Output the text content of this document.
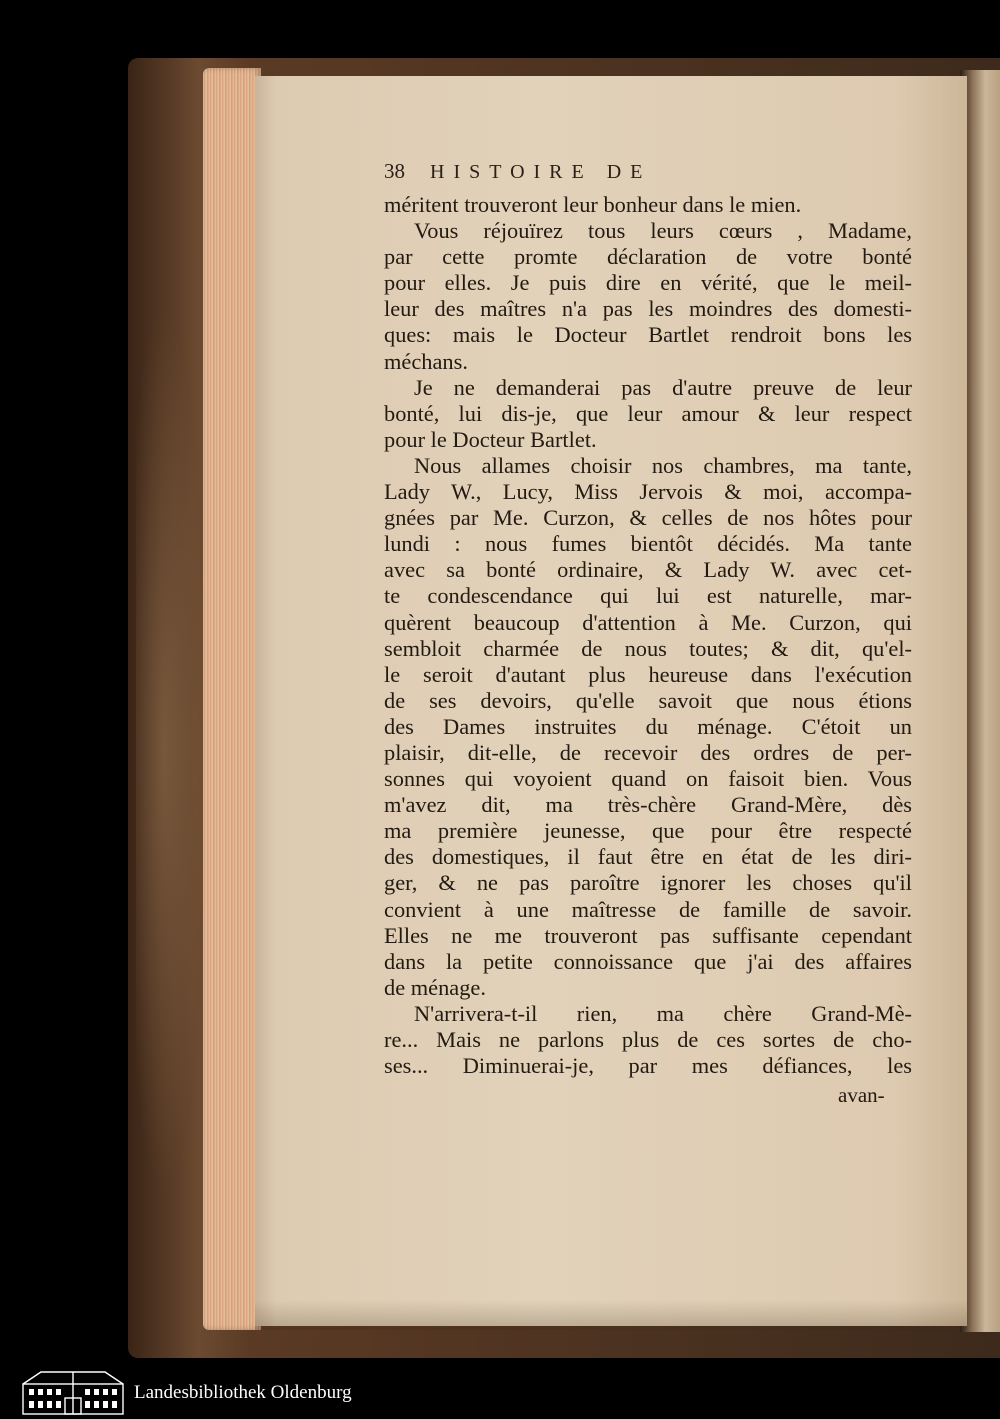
38	HISTOIRE DE
méritent trouveront leur bonheur dans le mien.
Vous réjouïrez tous leurs cœurs , Madame,
par cette promte déclaration de votre bonté
pour elles. Je puis dire en vérité, que le meil-
leur des maîtres n'a pas les moindres des domesti-
ques: mais le Docteur Bartlet rendroit bons les
méchans.
Je ne demanderai pas d'autre preuve de leur
bonté, lui dis-je, que leur amour & leur respect
pour le Docteur Bartlet.
Nous allames choisir nos chambres, ma tante,
Lady W., Lucy, Miss Jervois & moi, accompa-
gnées par Me. Curzon, & celles de nos hôtes pour
lundi : nous fumes bientôt décidés. Ma tante
avec sa bonté ordinaire, & Lady W. avec cet-
te condescendance qui lui est naturelle, mar-
quèrent beaucoup d'attention à Me. Curzon, qui
sembloit charmée de nous toutes; & dit, qu'el-
le seroit d'autant plus heureuse dans l'exécution
de ses devoirs, qu'elle savoit que nous étions
des Dames instruites du ménage. C'étoit un
plaisir, dit-elle, de recevoir des ordres de per-
sonnes qui voyoient quand on faisoit bien. Vous
m'avez dit, ma très-chère Grand-Mère, dès
ma première jeunesse, que pour être respecté
des domestiques, il faut être en état de les diri-
ger, & ne pas paroître ignorer les choses qu'il
convient à une maîtresse de famille de savoir.
Elles ne me trouveront pas suffisante cependant
dans la petite connoissance que j'ai des affaires
de ménage.
N'arrivera-t-il rien, ma chère Grand-Mè-
re... Mais ne parlons plus de ces sortes de cho-
ses... Diminuerai-je, par mes défiances, les
avan-
Landesbibliothek Oldenburg
